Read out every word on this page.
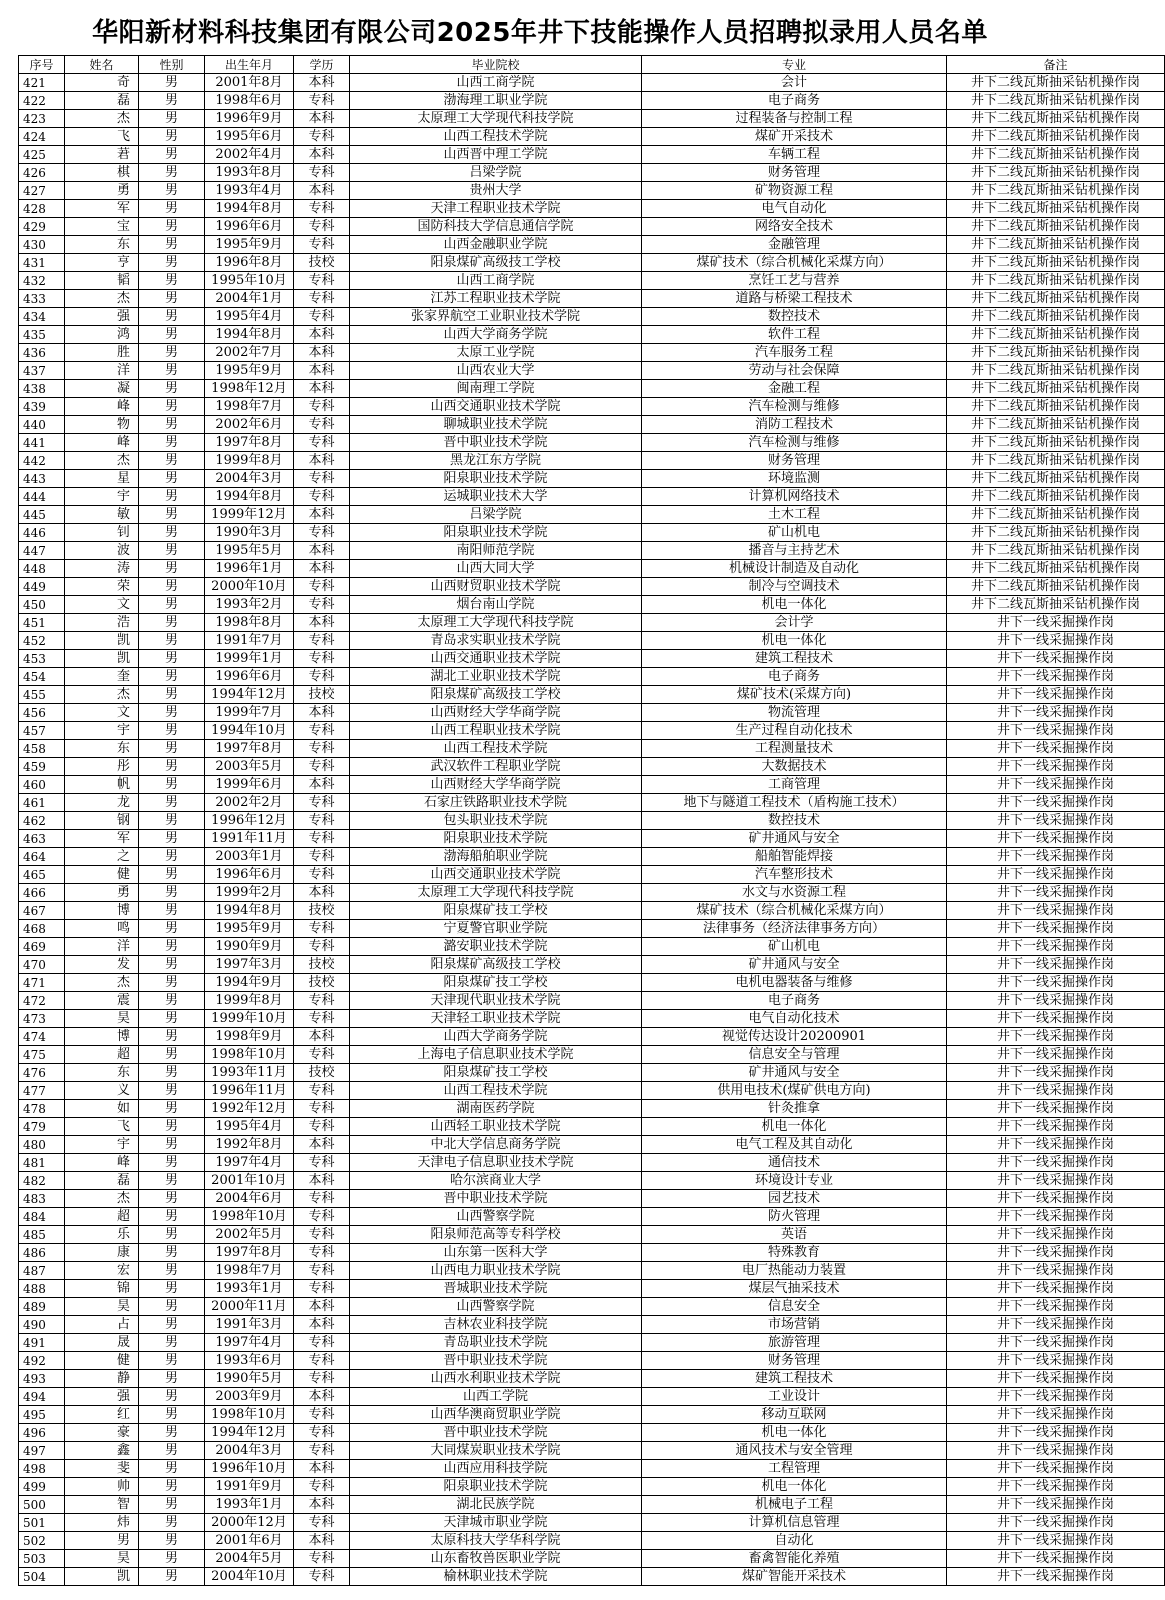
华阳新材料科技集团有限公司2025年井下技能操作人员招聘拟录用人员名单
序号	姓名	性别	出生年月	学历	毕业院校	专业	备注
421	奇	男	2001年8月	本科	山西工商学院	会计	井下二线瓦斯抽采钻机操作岗
422	磊	男	1998年6月	专科	渤海理工职业学院	电子商务	井下二线瓦斯抽采钻机操作岗
423	杰	男	1996年9月	本科	太原理工大学现代科技学院	过程装备与控制工程	井下二线瓦斯抽采钻机操作岗
424	飞	男	1995年6月	专科	山西工程技术学院	煤矿开采技术	井下二线瓦斯抽采钻机操作岗
425	莙	男	2002年4月	本科	山西晋中理工学院	车辆工程	井下二线瓦斯抽采钻机操作岗
426	棋	男	1993年8月	专科	吕梁学院	财务管理	井下二线瓦斯抽采钻机操作岗
427	勇	男	1993年4月	本科	贵州大学	矿物资源工程	井下二线瓦斯抽采钻机操作岗
428	军	男	1994年8月	专科	天津工程职业技术学院	电气自动化	井下二线瓦斯抽采钻机操作岗
429	宝	男	1996年6月	专科	国防科技大学信息通信学院	网络安全技术	井下二线瓦斯抽采钻机操作岗
430	东	男	1995年9月	专科	山西金融职业学院	金融管理	井下二线瓦斯抽采钻机操作岗
431	亨	男	1996年8月	技校	阳泉煤矿高级技工学校	煤矿技术（综合机械化采煤方向）	井下二线瓦斯抽采钻机操作岗
432	韬	男	1995年10月	专科	山西工商学院	烹饪工艺与营养	井下二线瓦斯抽采钻机操作岗
433	杰	男	2004年1月	专科	江苏工程职业技术学院	道路与桥梁工程技术	井下二线瓦斯抽采钻机操作岗
434	强	男	1995年4月	专科	张家界航空工业职业技术学院	数控技术	井下二线瓦斯抽采钻机操作岗
435	鸿	男	1994年8月	本科	山西大学商务学院	软件工程	井下二线瓦斯抽采钻机操作岗
436	胜	男	2002年7月	本科	太原工业学院	汽车服务工程	井下二线瓦斯抽采钻机操作岗
437	洋	男	1995年9月	本科	山西农业大学	劳动与社会保障	井下二线瓦斯抽采钻机操作岗
438	凝	男	1998年12月	本科	闽南理工学院	金融工程	井下二线瓦斯抽采钻机操作岗
439	峰	男	1998年7月	专科	山西交通职业技术学院	汽车检测与维修	井下二线瓦斯抽采钻机操作岗
440	物	男	2002年6月	专科	聊城职业技术学院	消防工程技术	井下二线瓦斯抽采钻机操作岗
441	峰	男	1997年8月	专科	晋中职业技术学院	汽车检测与维修	井下二线瓦斯抽采钻机操作岗
442	杰	男	1999年8月	本科	黑龙江东方学院	财务管理	井下二线瓦斯抽采钻机操作岗
443	星	男	2004年3月	专科	阳泉职业技术学院	环境监测	井下二线瓦斯抽采钻机操作岗
444	宇	男	1994年8月	专科	运城职业技术大学	计算机网络技术	井下二线瓦斯抽采钻机操作岗
445	敏	男	1999年12月	本科	吕梁学院	土木工程	井下二线瓦斯抽采钻机操作岗
446	钊	男	1990年3月	专科	阳泉职业技术学院	矿山机电	井下二线瓦斯抽采钻机操作岗
447	波	男	1995年5月	本科	南阳师范学院	播音与主持艺术	井下二线瓦斯抽采钻机操作岗
448	涛	男	1996年1月	本科	山西大同大学	机械设计制造及自动化	井下二线瓦斯抽采钻机操作岗
449	荣	男	2000年10月	专科	山西财贸职业技术学院	制冷与空调技术	井下二线瓦斯抽采钻机操作岗
450	文	男	1993年2月	专科	烟台南山学院	机电一体化	井下二线瓦斯抽采钻机操作岗
451	浩	男	1998年8月	本科	太原理工大学现代科技学院	会计学	井下一线采掘操作岗
452	凯	男	1991年7月	专科	青岛求实职业技术学院	机电一体化	井下一线采掘操作岗
453	凯	男	1999年1月	专科	山西交通职业技术学院	建筑工程技术	井下一线采掘操作岗
454	奎	男	1996年6月	专科	湖北工业职业技术学院	电子商务	井下一线采掘操作岗
455	杰	男	1994年12月	技校	阳泉煤矿高级技工学校	煤矿技术(采煤方向)	井下一线采掘操作岗
456	文	男	1999年7月	本科	山西财经大学华商学院	物流管理	井下一线采掘操作岗
457	宇	男	1994年10月	专科	山西工程职业技术学院	生产过程自动化技术	井下一线采掘操作岗
458	东	男	1997年8月	专科	山西工程技术学院	工程测量技术	井下一线采掘操作岗
459	彤	男	2003年5月	专科	武汉软件工程职业学院	大数据技术	井下一线采掘操作岗
460	帆	男	1999年6月	本科	山西财经大学华商学院	工商管理	井下一线采掘操作岗
461	龙	男	2002年2月	专科	石家庄铁路职业技术学院	地下与隧道工程技术（盾构施工技术）	井下一线采掘操作岗
462	钢	男	1996年12月	专科	包头职业技术学院	数控技术	井下一线采掘操作岗
463	军	男	1991年11月	专科	阳泉职业技术学院	矿井通风与安全	井下一线采掘操作岗
464	之	男	2003年1月	专科	渤海船舶职业学院	船舶智能焊接	井下一线采掘操作岗
465	健	男	1996年6月	专科	山西交通职业技术学院	汽车整形技术	井下一线采掘操作岗
466	勇	男	1999年2月	本科	太原理工大学现代科技学院	水文与水资源工程	井下一线采掘操作岗
467	博	男	1994年8月	技校	阳泉煤矿技工学校	煤矿技术（综合机械化采煤方向）	井下一线采掘操作岗
468	鸣	男	1995年9月	专科	宁夏警官职业学院	法律事务（经济法律事务方向）	井下一线采掘操作岗
469	洋	男	1990年9月	专科	潞安职业技术学院	矿山机电	井下一线采掘操作岗
470	发	男	1997年3月	技校	阳泉煤矿高级技工学校	矿井通风与安全	井下一线采掘操作岗
471	杰	男	1994年9月	技校	阳泉煤矿技工学校	电机电器装备与维修	井下一线采掘操作岗
472	震	男	1999年8月	专科	天津现代职业技术学院	电子商务	井下一线采掘操作岗
473	昊	男	1999年10月	专科	天津轻工职业技术学院	电气自动化技术	井下一线采掘操作岗
474	博	男	1998年9月	本科	山西大学商务学院	视觉传达设计20200901	井下一线采掘操作岗
475	超	男	1998年10月	专科	上海电子信息职业技术学院	信息安全与管理	井下一线采掘操作岗
476	东	男	1993年11月	技校	阳泉煤矿技工学校	矿井通风与安全	井下一线采掘操作岗
477	义	男	1996年11月	专科	山西工程技术学院	供用电技术(煤矿供电方向)	井下一线采掘操作岗
478	如	男	1992年12月	专科	湖南医药学院	针灸推拿	井下一线采掘操作岗
479	飞	男	1995年4月	专科	山西轻工职业技术学院	机电一体化	井下一线采掘操作岗
480	宇	男	1992年8月	本科	中北大学信息商务学院	电气工程及其自动化	井下一线采掘操作岗
481	峰	男	1997年4月	专科	天津电子信息职业技术学院	通信技术	井下一线采掘操作岗
482	磊	男	2001年10月	本科	哈尔滨商业大学	环境设计专业	井下一线采掘操作岗
483	杰	男	2004年6月	专科	晋中职业技术学院	园艺技术	井下一线采掘操作岗
484	超	男	1998年10月	专科	山西警察学院	防火管理	井下一线采掘操作岗
485	乐	男	2002年5月	专科	阳泉师范高等专科学校	英语	井下一线采掘操作岗
486	康	男	1997年8月	专科	山东第一医科大学	特殊教育	井下一线采掘操作岗
487	宏	男	1998年7月	专科	山西电力职业技术学院	电厂热能动力装置	井下一线采掘操作岗
488	锦	男	1993年1月	专科	晋城职业技术学院	煤层气抽采技术	井下一线采掘操作岗
489	昊	男	2000年11月	本科	山西警察学院	信息安全	井下一线采掘操作岗
490	占	男	1991年3月	本科	吉林农业科技学院	市场营销	井下一线采掘操作岗
491	晟	男	1997年4月	专科	青岛职业技术学院	旅游管理	井下一线采掘操作岗
492	健	男	1993年6月	专科	晋中职业技术学院	财务管理	井下一线采掘操作岗
493	静	男	1990年5月	专科	山西水利职业技术学院	建筑工程技术	井下一线采掘操作岗
494	强	男	2003年9月	本科	山西工学院	工业设计	井下一线采掘操作岗
495	红	男	1998年10月	专科	山西华澳商贸职业学院	移动互联网	井下一线采掘操作岗
496	豪	男	1994年12月	专科	晋中职业技术学院	机电一体化	井下一线采掘操作岗
497	鑫	男	2004年3月	专科	大同煤炭职业技术学院	通风技术与安全管理	井下一线采掘操作岗
498	斐	男	1996年10月	本科	山西应用科技学院	工程管理	井下一线采掘操作岗
499	帅	男	1991年9月	专科	阳泉职业技术学院	机电一体化	井下一线采掘操作岗
500	智	男	1993年1月	本科	湖北民族学院	机械电子工程	井下一线采掘操作岗
501	炜	男	2000年12月	专科	天津城市职业学院	计算机信息管理	井下一线采掘操作岗
502	男	男	2001年6月	本科	太原科技大学华科学院	自动化	井下一线采掘操作岗
503	昊	男	2004年5月	专科	山东畜牧兽医职业学院	畜禽智能化养殖	井下一线采掘操作岗
504	凯	男	2004年10月	专科	榆林职业技术学院	煤矿智能开采技术	井下一线采掘操作岗
